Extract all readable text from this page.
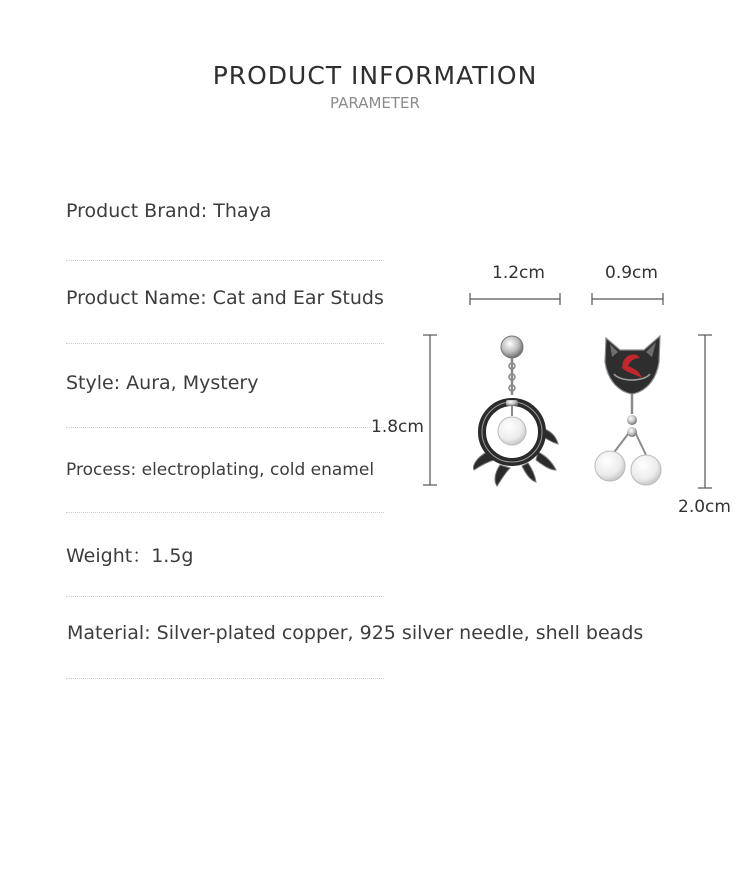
PRODUCT INFORMATION
PARAMETER
Product Brand: Thaya
Product Name: Cat and Ear Studs
Style: Aura, Mystery
Process: electroplating, cold enamel
Weight：1.5g
Material: Silver-plated copper, 925 silver needle, shell beads
1.2cm	0.9cm
1.8cm
2.0cm
